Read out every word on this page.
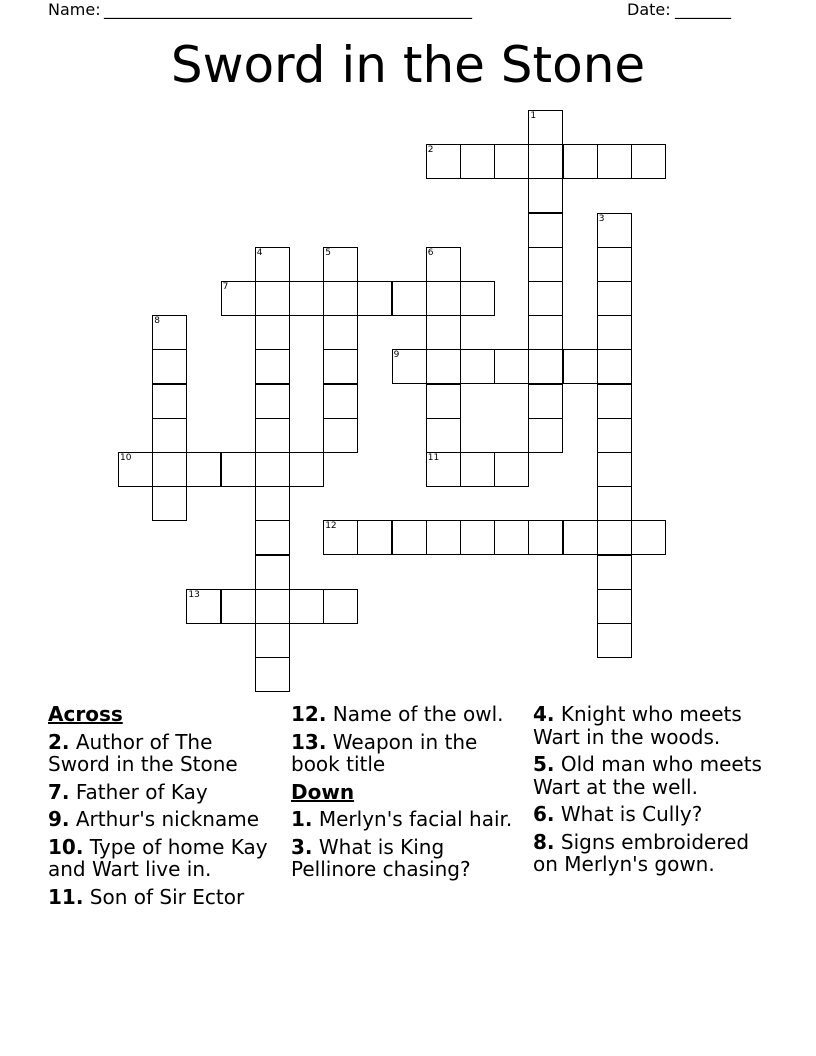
Name: ______________________________________________	Date: _______
Sword in the Stone
1
2
3
4	5	6
7
8
9
10	11
12
13
Across
2. Author of The Sword in the Stone
7. Father of Kay
9. Arthur's nickname
10. Type of home Kay and Wart live in.
11. Son of Sir Ector
12. Name of the owl.
13. Weapon in the book title
Down
1. Merlyn's facial hair.
3. What is King Pellinore chasing?
4. Knight who meets Wart in the woods.
5. Old man who meets Wart at the well.
6. What is Cully?
8. Signs embroidered on Merlyn's gown.
